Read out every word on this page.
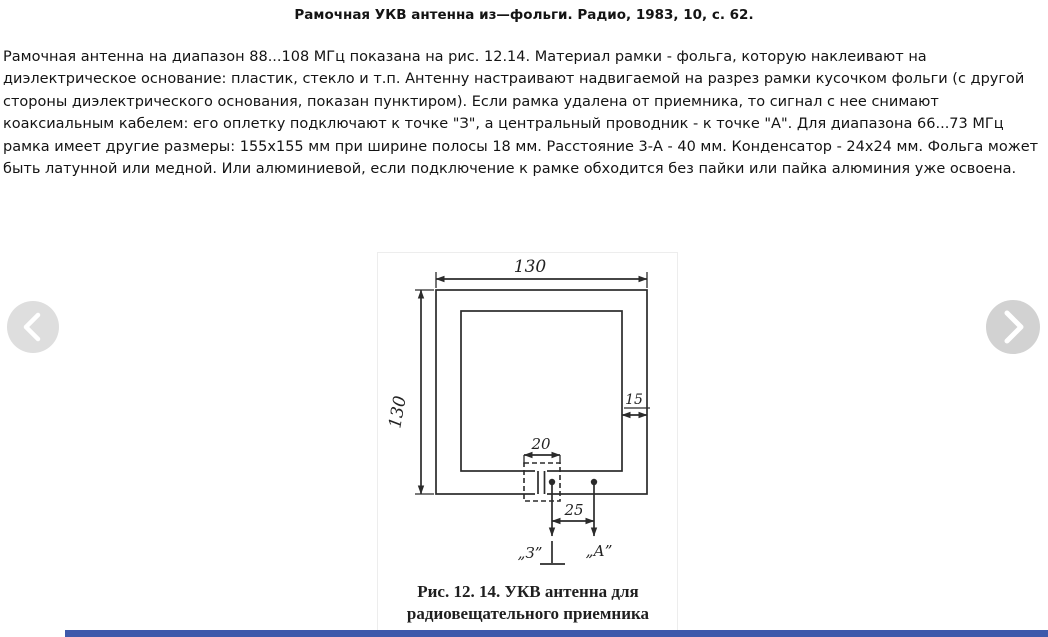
Рамочная УКВ антенна из—фольги. Радио, 1983, 10, с. 62.
Рамочная антенна на диапазон 88...108 МГц показана на рис. 12.14. Материал рамки - фольга, которую наклеивают на диэлектрическое основание: пластик, стекло и т.п. Антенну настраивают надвигаемой на разрез рамки кусочком фольги (с другой стороны диэлектрического основания, показан пунктиром). Если рамка удалена от приемника, то сигнал с нее снимают коаксиальным кабелем: его оплетку подключают к точке "З", а центральный проводник - к точке "А". Для диапазона 66...73 МГц рамка имеет другие размеры: 155х155 мм при ширине полосы 18 мм. Расстояние 3-А - 40 мм. Конденсатор - 24х24 мм. Фольга может быть латунной или медной. Или алюминиевой, если подключение к рамке обходится без пайки или пайка алюминия уже освоена.
130
130	15
20
25
„З”	„А”
Рис. 12. 14. УКВ антенна для
радиовещательного приемника
